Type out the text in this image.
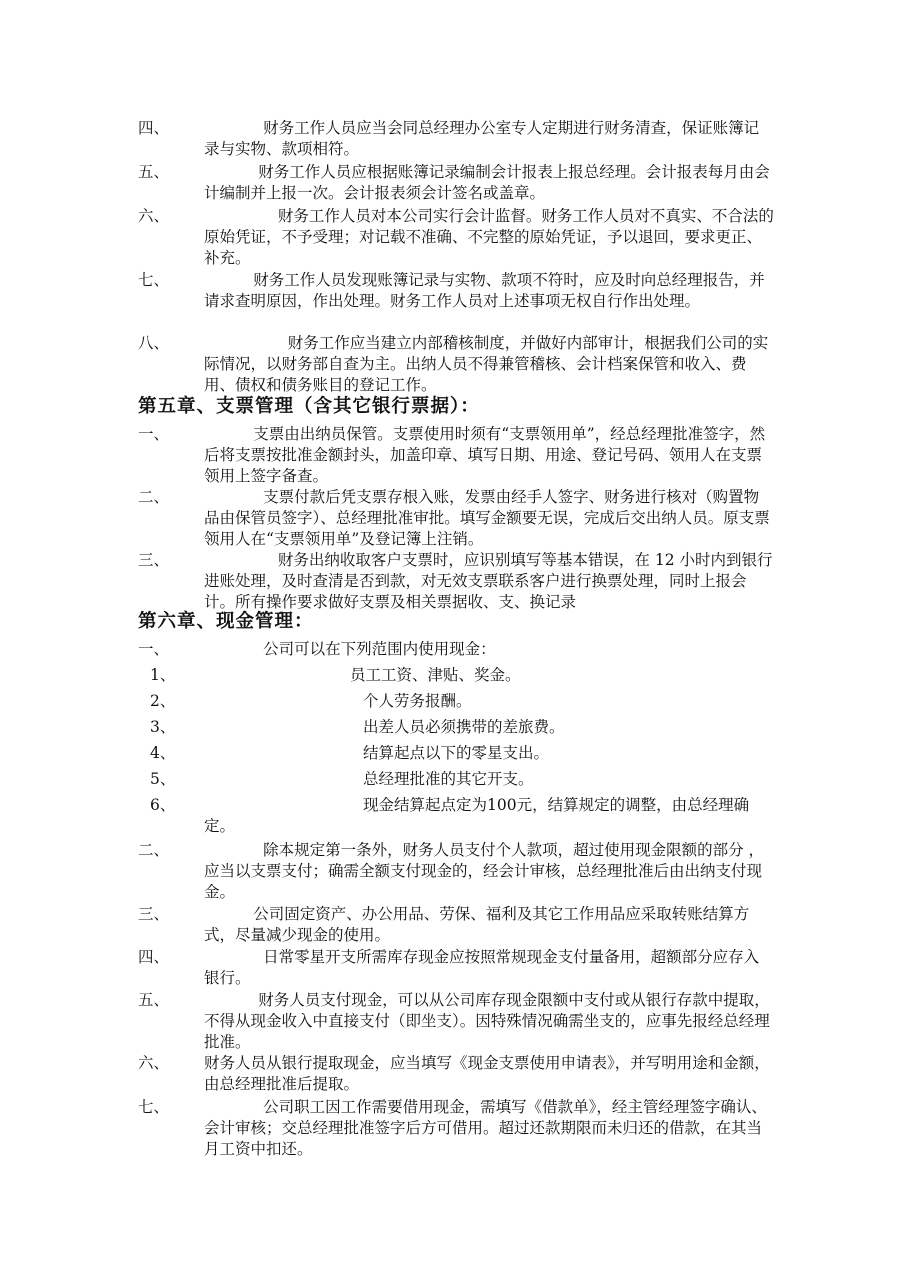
四、	财务工作人员应当会同总经理办公室专人定期进行财务清查，保证账簿记录与实物、款项相符。
五、	财务工作人员应根据账簿记录编制会计报表上报总经理。会计报表每月由会计编制并上报一次。会计报表须会计签名或盖章。
六、	财务工作人员对本公司实行会计监督。财务工作人员对不真实、不合法的原始凭证，不予受理；对记载不准确、不完整的原始凭证，予以退回，要求更正、补充。
七、	财务工作人员发现账簿记录与实物、款项不符时，应及时向总经理报告，并请求查明原因，作出处理。财务工作人员对上述事项无权自行作出处理。
八、	财务工作应当建立内部稽核制度，并做好内部审计，根据我们公司的实际情况，以财务部自查为主。出纳人员不得兼管稽核、会计档案保管和收入、费用、债权和债务账目的登记工作。
第五章、支票管理（含其它银行票据）：
一、	支票由出纳员保管。支票使用时须有“支票领用单”，经总经理批准签字，然后将支票按批准金额封头，加盖印章、填写日期、用途、登记号码、领用人在支票领用上签字备查。
二、	支票付款后凭支票存根入账，发票由经手人签字、财务进行核对（购置物品由保管员签字）、总经理批准审批。填写金额要无误，完成后交出纳人员。原支票领用人在“支票领用单”及登记簿上注销。
三、	财务出纳收取客户支票时，应识别填写等基本错误，在 12 小时内到银行进账处理，及时查清是否到款，对无效支票联系客户进行换票处理，同时上报会计。所有操作要求做好支票及相关票据收、支、换记录
第六章、现金管理：
一、	公司可以在下列范围内使用现金：
1、	员工工资、津贴、奖金。
2、	个人劳务报酬。
3、	出差人员必须携带的差旅费。
4、	结算起点以下的零星支出。
5、	总经理批准的其它开支。
6、	现金结算起点定为100元，结算规定的调整，由总经理确定。
二、	除本规定第一条外，财务人员支付个人款项，超过使用现金限额的部分 ，应当以支票支付；确需全额支付现金的，经会计审核，总经理批准后由出纳支付现金。
三、	公司固定资产、办公用品、劳保、福利及其它工作用品应采取转账结算方式，尽量减少现金的使用。
四、	日常零星开支所需库存现金应按照常规现金支付量备用，超额部分应存入银行。
五、	财务人员支付现金，可以从公司库存现金限额中支付或从银行存款中提取，不得从现金收入中直接支付（即坐支）。因特殊情况确需坐支的，应事先报经总经理批准。
六、	财务人员从银行提取现金，应当填写《现金支票使用申请表》，并写明用途和金额，由总经理批准后提取。
七、	公司职工因工作需要借用现金，需填写《借款单》，经主管经理签字确认、会计审核；交总经理批准签字后方可借用。超过还款期限而未归还的借款，在其当月工资中扣还。
